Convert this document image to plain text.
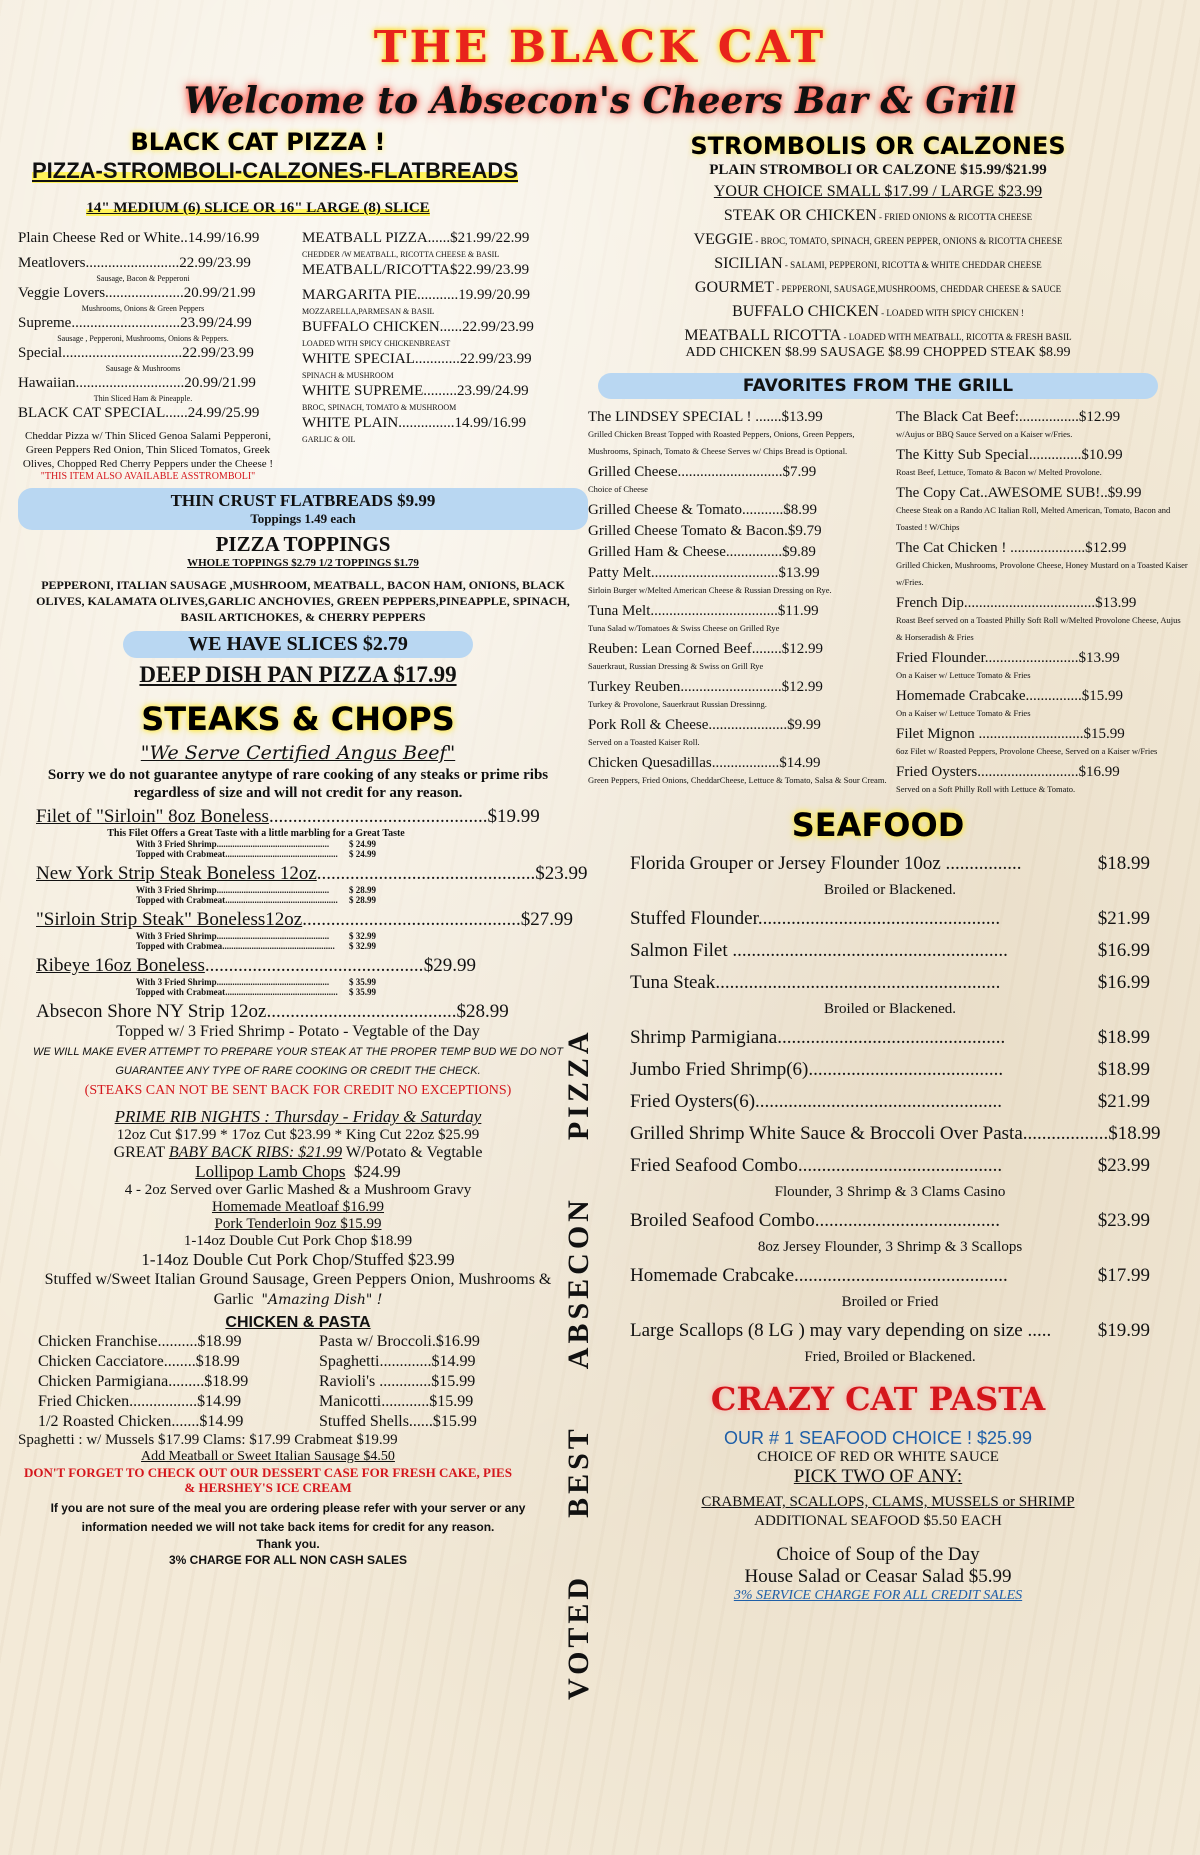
THE BLACK CAT
Welcome to Absecon's Cheers Bar & Grill
BLACK CAT PIZZA !
PIZZA-STROMBOLI-CALZONES-FLATBREADS
14" MEDIUM (6) SLICE OR 16" LARGE (8) SLICE
Plain Cheese Red or White..14.99/16.99
Meatlovers.........................22.99/23.99
Sausage, Bacon & Pepperoni
Veggie Lovers.....................20.99/21.99
Mushrooms, Onions & Green Peppers
Supreme.............................23.99/24.99
Sausage , Pepperoni, Mushrooms, Onions & Peppers.
Special................................22.99/23.99
Sausage & Mushrooms
Hawaiian.............................20.99/21.99
Thin Sliced Ham & Pineapple.
BLACK CAT SPECIAL......24.99/25.99
Cheddar Pizza w/ Thin Sliced Genoa Salami Pepperoni, Green Peppers Red Onion, Thin Sliced Tomatos, Greek Olives, Chopped Red Cherry Peppers under the Cheese !
"THIS ITEM ALSO AVAILABLE ASSTROMBOLI"
MEATBALL PIZZA......$21.99/22.99
CHEDDER /W MEATBALL, RICOTTA CHEESE & BASIL
MEATBALL/RICOTTA$22.99/23.99
MARGARITA PIE...........19.99/20.99
MOZZARELLA,PARMESAN & BASIL
BUFFALO CHICKEN......22.99/23.99
LOADED WITH SPICY CHICKENBREAST
WHITE SPECIAL............22.99/23.99
SPINACH & MUSHROOM
WHITE SUPREME.........23.99/24.99
BROC, SPINACH, TOMATO & MUSHROOM
WHITE PLAIN...............14.99/16.99
GARLIC & OIL
THIN CRUST FLATBREADS $9.99
Toppings 1.49 each
PIZZA TOPPINGS
WHOLE TOPPINGS $2.79 1/2 TOPPINGS $1.79
PEPPERONI, ITALIAN SAUSAGE ,MUSHROOM, MEATBALL, BACON HAM, ONIONS, BLACK OLIVES, KALAMATA OLIVES,GARLIC ANCHOVIES, GREEN PEPPERS,PINEAPPLE, SPINACH, BASIL ARTICHOKES, & CHERRY PEPPERS
WE HAVE SLICES $2.79
DEEP DISH PAN PIZZA $17.99
STEAKS & CHOPS
"We Serve Certified Angus Beef"
Sorry we do not guarantee anytype of rare cooking of any steaks or prime ribs regardless of size and will not credit for any reason.
Filet of "Sirloin" 8oz Boneless .............................................. $19.99
This Filet Offers a Great Taste with a little marbling for a Great Taste
With 3 Fried Shrimp ..................................................	$ 24.99
Topped with Crabmeat ..................................................	$ 24.99
New York Strip Steak Boneless 12oz .............................................. $23.99
With 3 Fried Shrimp ..................................................	$ 28.99
Topped with Crabmeat ..................................................	$ 28.99
"Sirloin Strip Steak" Boneless12oz .............................................. $27.99
With 3 Fried Shrimp ..................................................	$ 32.99
Topped with Crabmea ..................................................	$ 32.99
Ribeye 16oz Boneless .............................................. $29.99
With 3 Fried Shrimp ..................................................	$ 35.99
Topped with Crabmeat ..................................................	$ 35.99
Absecon Shore NY Strip 12oz ........................................ $28.99
Topped w/ 3 Fried Shrimp - Potato - Vegtable of the Day
WE WILL MAKE EVER ATTEMPT TO PREPARE YOUR STEAK AT THE PROPER TEMP BUD WE DO NOT GUARANTEE ANY TYPE OF RARE COOKING OR CREDIT THE CHECK.
(STEAKS CAN NOT BE SENT BACK FOR CREDIT NO EXCEPTIONS)
PRIME RIB NIGHTS : Thursday - Friday & Saturday
12oz Cut $17.99 * 17oz Cut $23.99 * King Cut 22oz $25.99
GREAT BABY BACK RIBS: $21.99 W/Potato & Vegtable
Lollipop Lamb Chops $24.99
4 - 2oz Served over Garlic Mashed & a Mushroom Gravy
Homemade Meatloaf $16.99
Pork Tenderloin 9oz $15.99
1-14oz Double Cut Pork Chop $18.99
1-14oz Double Cut Pork Chop/Stuffed $23.99
Stuffed w/Sweet Italian Ground Sausage, Green Peppers Onion, Mushrooms & Garlic "Amazing Dish" !
CHICKEN & PASTA
Chicken Franchise..........$18.99
Chicken Cacciatore........$18.99
Chicken Parmigiana.........$18.99
Fried Chicken.................$14.99
1/2 Roasted Chicken.......$14.99
Pasta w/ Broccoli.$16.99
Spaghetti.............$14.99
Ravioli's .............$15.99
Manicotti............$15.99
Stuffed Shells......$15.99
Spaghetti : w/ Mussels $17.99 Clams: $17.99 Crabmeat $19.99
Add Meatball or Sweet Italian Sausage $4.50
DON'T FORGET TO CHECK OUT OUR DESSERT CASE FOR FRESH CAKE, PIES & HERSHEY'S ICE CREAM
If you are not sure of the meal you are ordering please refer with your server or any information needed we will not take back items for credit for any reason.
Thank you.
3% CHARGE FOR ALL NON CASH SALES
VOTEDBESTABSECONPIZZA
STROMBOLIS OR CALZONES
PLAIN STROMBOLI OR CALZONE $15.99/$21.99
YOUR CHOICE SMALL $17.99 / LARGE $23.99
STEAK OR CHICKEN - FRIED ONIONS & RICOTTA CHEESE
VEGGIE - BROC, TOMATO, SPINACH, GREEN PEPPER, ONIONS & RICOTTA CHEESE
SICILIAN - SALAMI, PEPPERONI, RICOTTA & WHITE CHEDDAR CHEESE
GOURMET - PEPPERONI, SAUSAGE,MUSHROOMS, CHEDDAR CHEESE & SAUCE
BUFFALO CHICKEN - LOADED WITH SPICY CHICKEN !
MEATBALL RICOTTA - LOADED WITH MEATBALL, RICOTTA & FRESH BASIL
ADD CHICKEN $8.99 SAUSAGE $8.99 CHOPPED STEAK $8.99
FAVORITES FROM THE GRILL
The LINDSEY SPECIAL ! .......$13.99
Grilled Chicken Breast Topped with Roasted Peppers, Onions, Green Peppers, Mushrooms, Spinach, Tomato & Cheese Serves w/ Chips Bread is Optional.
Grilled Cheese............................$7.99
Choice of Cheese
Grilled Cheese & Tomato...........$8.99
Grilled Cheese Tomato & Bacon.$9.79
Grilled Ham & Cheese...............$9.89
Patty Melt..................................$13.99
Sirloin Burger w/Melted American Cheese & Russian Dressing on Rye.
Tuna Melt..................................$11.99
Tuna Salad w/Tomatoes & Swiss Cheese on Grilled Rye
Reuben: Lean Corned Beef........$12.99
Sauerkraut, Russian Dressing & Swiss on Grill Rye
Turkey Reuben...........................$12.99
Turkey & Provolone, Sauerkraut Russian Dressinng.
Pork Roll & Cheese.....................$9.99
Served on a Toasted Kaiser Roll.
Chicken Quesadillas..................$14.99
Green Peppers, Fried Onions, CheddarCheese, Lettuce & Tomato, Salsa & Sour Cream.
The Black Cat Beef:................$12.99
w/Aujus or BBQ Sauce Served on a Kaiser w/Fries.
The Kitty Sub Special..............$10.99
Roast Beef, Lettuce, Tomato & Bacon w/ Melted Provolone.
The Copy Cat..AWESOME SUB!..$9.99
Cheese Steak on a Rando AC Italian Roll, Melted American, Tomato, Bacon and Toasted ! W/Chips
The Cat Chicken ! ....................$12.99
Grilled Chicken, Mushrooms, Provolone Cheese, Honey Mustard on a Toasted Kaiser w/Fries.
French Dip...................................$13.99
Roast Beef served on a Toasted Philly Soft Roll w/Melted Provolone Cheese, Aujus & Horseradish & Fries
Fried Flounder.........................$13.99
On a Kaiser w/ Lettuce Tomato & Fries
Homemade Crabcake...............$15.99
On a Kaiser w/ Lettuce Tomato & Fries
Filet Mignon ............................$15.99
6oz Filet w/ Roasted Peppers, Provolone Cheese, Served on a Kaiser w/Fries
Fried Oysters...........................$16.99
Served on a Soft Philly Roll with Lettuce & Tomato.
SEAFOOD
Florida Grouper or Jersey Flounder 10oz ................	$18.99
Broiled or Blackened.
Stuffed Flounder...................................................	$21.99
Salmon Filet ..........................................................	$16.99
Tuna Steak............................................................	$16.99
Broiled or Blackened.
Shrimp Parmigiana................................................	$18.99
Jumbo Fried Shrimp(6).........................................	$18.99
Fried Oysters(6)....................................................	$21.99
Grilled Shrimp White Sauce & Broccoli Over Pasta.................. $18.99
Fried Seafood Combo...........................................	$23.99
Flounder, 3 Shrimp & 3 Clams Casino
Broiled Seafood Combo.......................................	$23.99
8oz Jersey Flounder, 3 Shrimp & 3 Scallops
Homemade Crabcake.............................................	$17.99
Broiled or Fried
Large Scallops (8 LG ) may vary depending on size .....	$19.99
Fried, Broiled or Blackened.
CRAZY CAT PASTA
OUR # 1 SEAFOOD CHOICE ! $25.99
CHOICE OF RED OR WHITE SAUCE
PICK TWO OF ANY:
CRABMEAT, SCALLOPS, CLAMS, MUSSELS or SHRIMP
ADDITIONAL SEAFOOD $5.50 EACH
Choice of Soup of the Day
House Salad or Ceasar Salad $5.99
3% SERVICE CHARGE FOR ALL CREDIT SALES
